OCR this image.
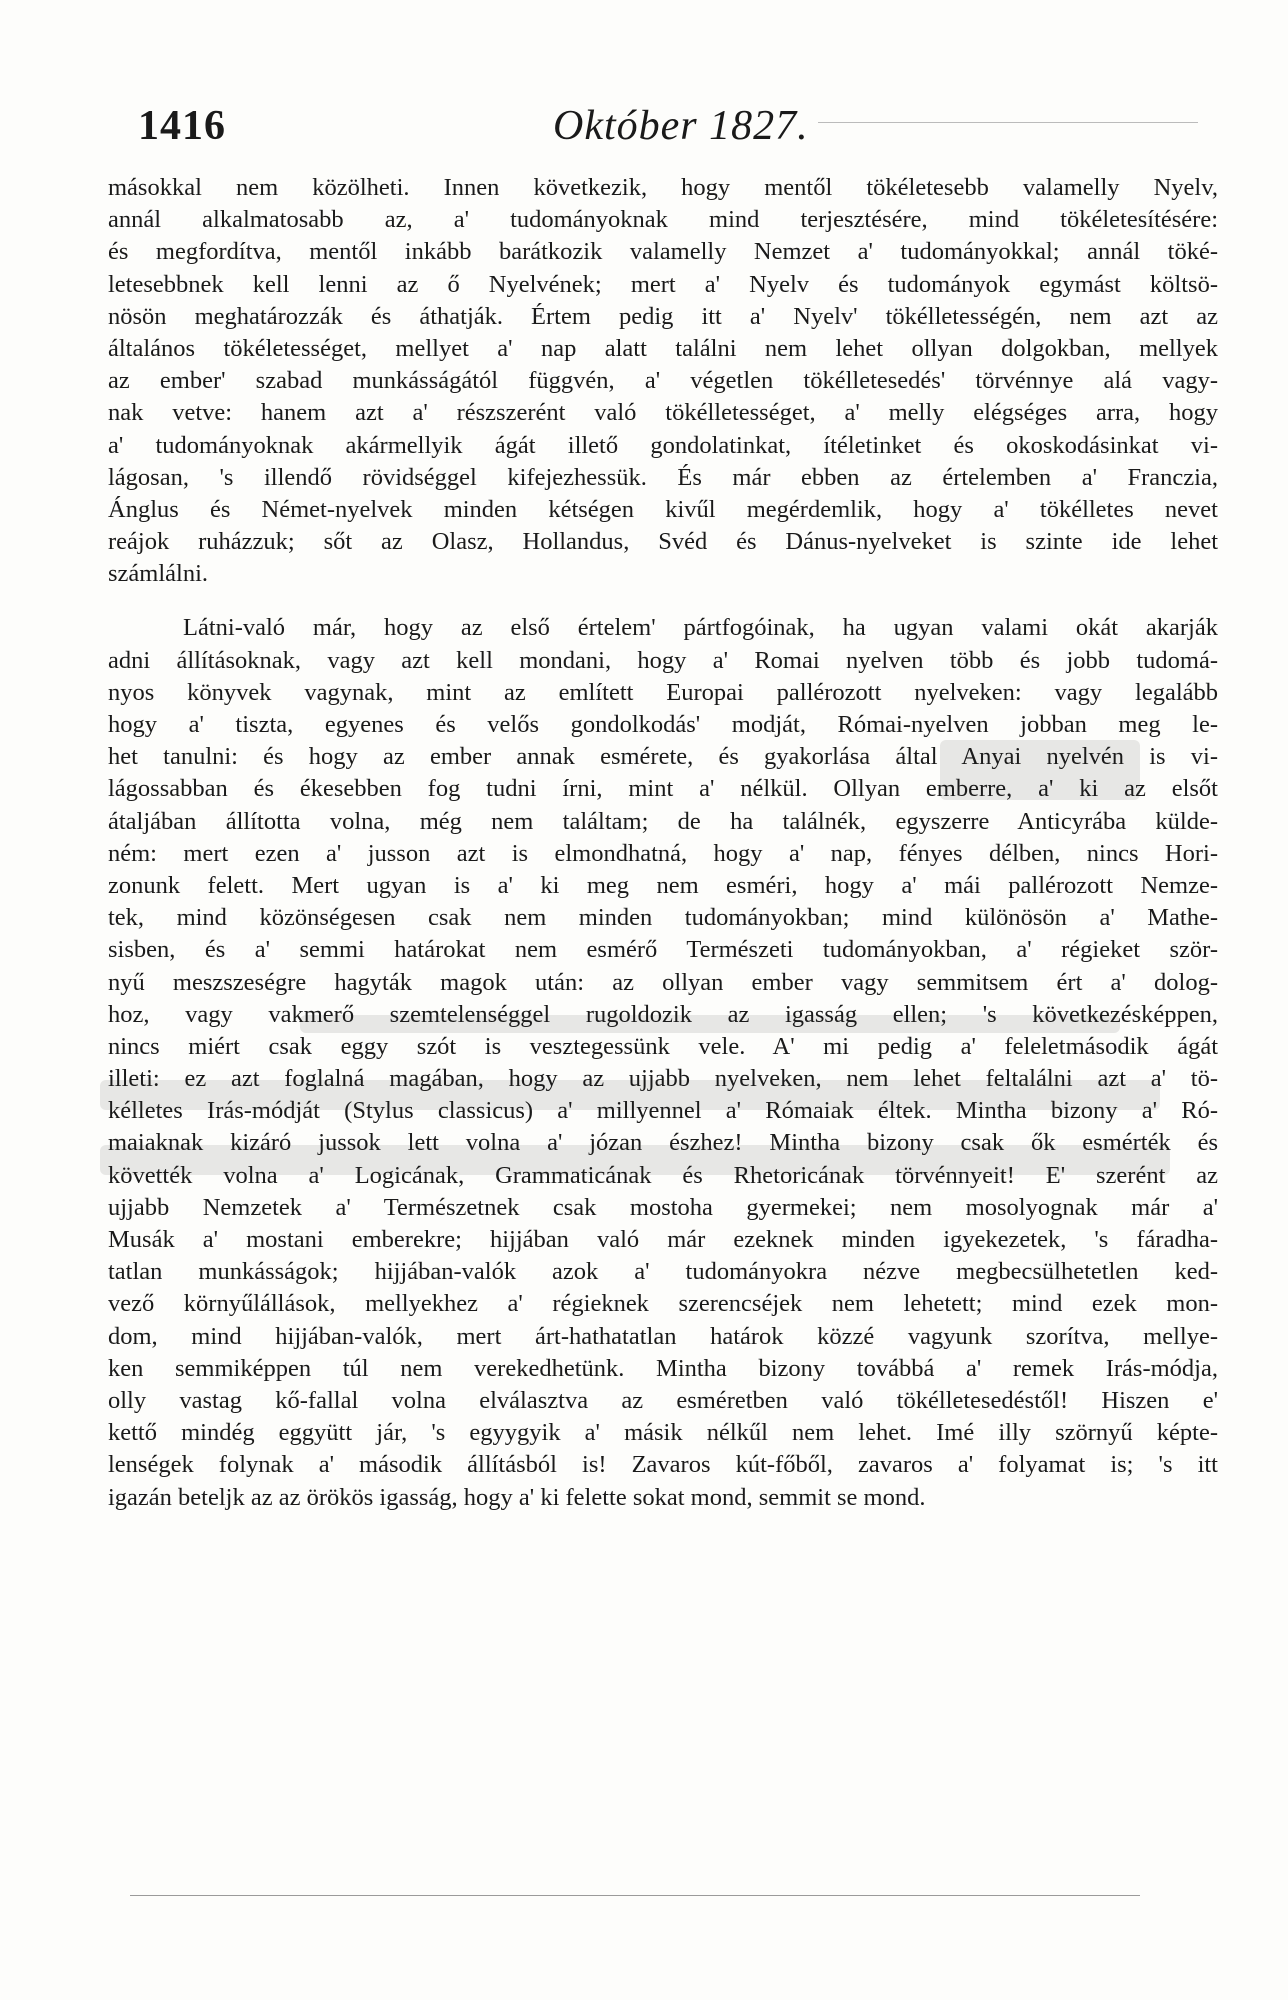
1416	Október 1827.
másokkal nem közölheti. Innen következik, hogy mentől tökéletesebb valamelly Nyelv,
annál alkalmatosabb az, a' tudományoknak mind terjesztésére, mind tökéletesítésére:
és megfordítva, mentől inkább barátkozik valamelly Nemzet a' tudományokkal; annál töké-
letesebbnek kell lenni az ő Nyelvének; mert a' Nyelv és tudományok egymást költsö-
nösön meghatározzák és áthatják. Értem pedig itt a' Nyelv' tökélletességén, nem azt az
általános tökéletességet, mellyet a' nap alatt találni nem lehet ollyan dolgokban, mellyek
az ember' szabad munkásságától függvén, a' végetlen tökélletesedés' törvénnye alá vagy-
nak vetve: hanem azt a' részszerént való tökélletességet, a' melly elégséges arra, hogy
a' tudományoknak akármellyik ágát illető gondolatinkat, ítéletinket és okoskodásinkat vi-
lágosan, 's illendő rövidséggel kifejezhessük. És már ebben az értelemben a' Franczia,
Ánglus és Német-nyelvek minden kétségen kivűl megérdemlik, hogy a' tökélletes nevet
reájok ruházzuk; sőt az Olasz, Hollandus, Svéd és Dánus-nyelveket is szinte ide lehet
számlálni.
Látni-való már, hogy az első értelem' pártfogóinak, ha ugyan valami okát akarják
adni állításoknak, vagy azt kell mondani, hogy a' Romai nyelven több és jobb tudomá-
nyos könyvek vagynak, mint az említett Europai pallérozott nyelveken: vagy legalább
hogy a' tiszta, egyenes és velős gondolkodás' modját, Római-nyelven jobban meg le-
het tanulni: és hogy az ember annak esmérete, és gyakorlása által Anyai nyelvén is vi-
lágossabban és ékesebben fog tudni írni, mint a' nélkül. Ollyan emberre, a' ki az elsőt
átaljában állította volna, még nem találtam; de ha találnék, egyszerre Anticyrába külde-
ném: mert ezen a' jusson azt is elmondhatná, hogy a' nap, fényes délben, nincs Hori-
zonunk felett. Mert ugyan is a' ki meg nem esméri, hogy a' mái pallérozott Nemze-
tek, mind közönségesen csak nem minden tudományokban; mind különösön a' Mathe-
sisben, és a' semmi határokat nem esmérő Természeti tudományokban, a' régieket ször-
nyű meszszeségre hagyták magok után: az ollyan ember vagy semmitsem ért a' dolog-
hoz, vagy vakmerő szemtelenséggel rugoldozik az igasság ellen; 's következésképpen,
nincs miért csak eggy szót is vesztegessünk vele. A' mi pedig a' feleletmásodik ágát
illeti: ez azt foglalná magában, hogy az ujjabb nyelveken, nem lehet feltalálni azt a' tö-
kélletes Irás-módját (Stylus classicus) a' millyennel a' Rómaiak éltek. Mintha bizony a' Ró-
maiaknak kizáró jussok lett volna a' józan észhez! Mintha bizony csak ők esmérték és
követték volna a' Logicának, Grammaticának és Rhetoricának törvénnyeit! E' szerént az
ujjabb Nemzetek a' Természetnek csak mostoha gyermekei; nem mosolyognak már a'
Musák a' mostani emberekre; hijjában való már ezeknek minden igyekezetek, 's fáradha-
tatlan munkásságok; hijjában-valók azok a' tudományokra nézve megbecsülhetetlen ked-
vező környűlállások, mellyekhez a' régieknek szerencséjek nem lehetett; mind ezek mon-
dom, mind hijjában-valók, mert árt-hathatatlan határok közzé vagyunk szorítva, mellye-
ken semmiképpen túl nem verekedhetünk. Mintha bizony továbbá a' remek Irás-módja,
olly vastag kő-fallal volna elválasztva az esméretben való tökélletesedéstől! Hiszen e'
kettő mindég eggyütt jár, 's egyygyik a' másik nélkűl nem lehet. Imé illy szörnyű képte-
lenségek folynak a' második állításból is! Zavaros kút-főből, zavaros a' folyamat is; 's itt
igazán beteljk az az örökös igasság, hogy a' ki felette sokat mond, semmit se mond.
